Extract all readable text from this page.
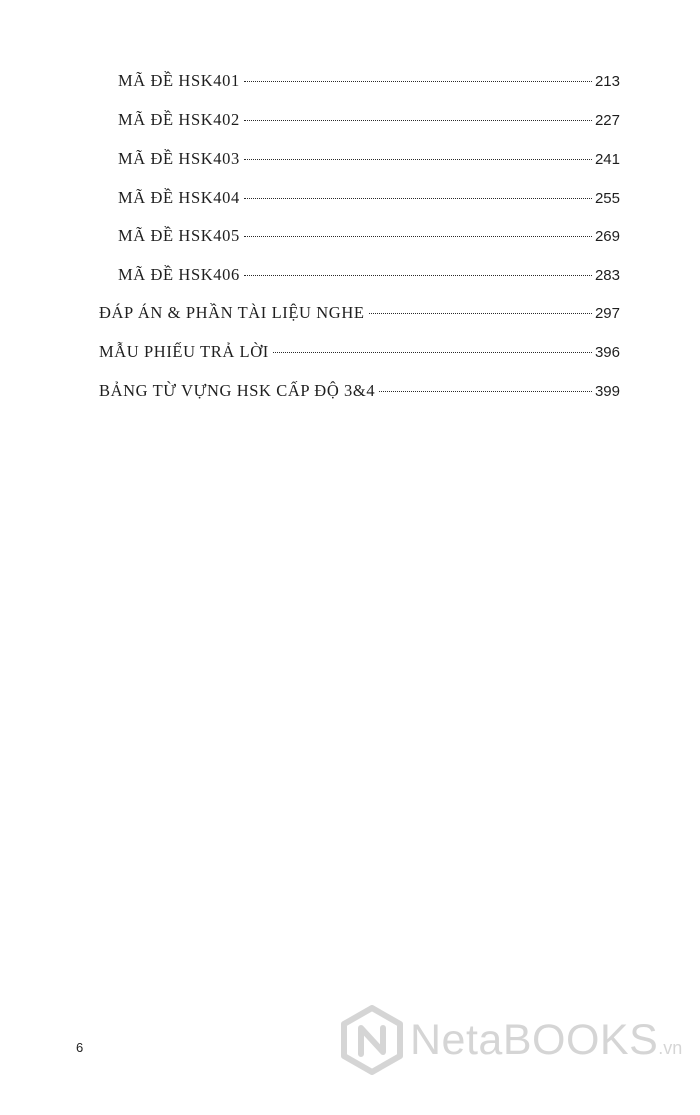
MÃ ĐỀ HSK401	213
MÃ ĐỀ HSK402	227
MÃ ĐỀ HSK403	241
MÃ ĐỀ HSK404	255
MÃ ĐỀ HSK405	269
MÃ ĐỀ HSK406	283
ĐÁP ÁN & PHẦN TÀI LIỆU NGHE	297
MẪU PHIẾU TRẢ LỜI	396
BẢNG TỪ VỰNG HSK CẤP ĐỘ 3&4	399
6	NetaBOOKS.vn
